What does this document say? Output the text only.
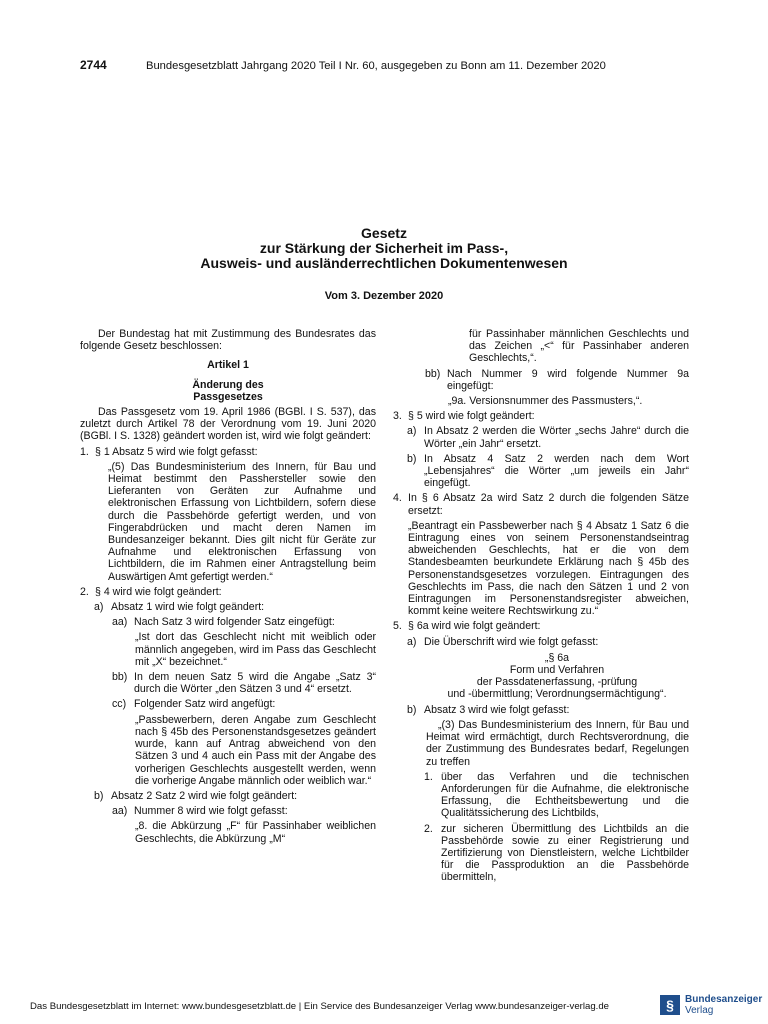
2744	Bundesgesetzblatt Jahrgang 2020 Teil I Nr. 60, ausgegeben zu Bonn am 11. Dezember 2020
Gesetz
zur Stärkung der Sicherheit im Pass-,
Ausweis- und ausländerrechtlichen Dokumentenwesen
Vom 3. Dezember 2020

Der Bundestag hat mit Zustimmung des Bundesrates das folgende Gesetz beschlossen:

Artikel 1

Änderung des

Passgesetzes

Das Passgesetz vom 19. April 1986 (BGBl. I S. 537), das zuletzt durch Artikel 78 der Verordnung vom 19. Juni 2020 (BGBl. I S. 1328) geändert worden ist, wird wie folgt geändert:

1. § 1 Absatz 5 wird wie folgt gefasst:

„(5) Das Bundesministerium des Innern, für Bau und Heimat bestimmt den Passhersteller sowie den Lieferanten von Geräten zur Aufnahme und elektronischen Erfassung von Lichtbildern, sofern diese durch die Passbehörde gefertigt werden, und von Fingerabdrücken und macht deren Namen im Bundesanzeiger bekannt. Dies gilt nicht für Geräte zur Aufnahme und elektronischen Erfassung von Lichtbildern, die im Rahmen einer Antragstellung beim Auswärtigen Amt gefertigt werden.“

2. § 4 wird wie folgt geändert:
a) Absatz 1 wird wie folgt geändert:
aa) Nach Satz 3 wird folgender Satz eingefügt:

„Ist dort das Geschlecht nicht mit weiblich oder männlich angegeben, wird im Pass das Geschlecht mit „X“ bezeichnet.“

bb) In dem neuen Satz 5 wird die Angabe „Satz 3“ durch die Wörter „den Sätzen 3 und 4“ ersetzt.
cc) Folgender Satz wird angefügt:

„Passbewerbern, deren Angabe zum Geschlecht nach § 45b des Personenstandsgesetzes geändert wurde, kann auf Antrag abweichend von den Sätzen 3 und 4 auch ein Pass mit der Angabe des vorherigen Geschlechts ausgestellt werden, wenn die vorherige Angabe männlich oder weiblich war.“

b) Absatz 2 Satz 2 wird wie folgt geändert:
aa) Nummer 8 wird wie folgt gefasst:

„8. die Abkürzung „F“ für Passinhaber weiblichen Geschlechts, die Abkürzung „M“

für Passinhaber männlichen Geschlechts und das Zeichen „<“ für Passinhaber anderen Geschlechts,“.

bb) Nach Nummer 9 wird folgende Nummer 9a eingefügt:

„9a. Versionsnummer des Passmusters,“.

3. § 5 wird wie folgt geändert:
a) In Absatz 2 werden die Wörter „sechs Jahre“ durch die Wörter „ein Jahr“ ersetzt.
b) In Absatz 4 Satz 2 werden nach dem Wort „Lebensjahres“ die Wörter „um jeweils ein Jahr“ eingefügt.
4. In § 6 Absatz 2a wird Satz 2 durch die folgenden Sätze ersetzt:

„Beantragt ein Passbewerber nach § 4 Absatz 1 Satz 6 die Eintragung eines von seinem Personenstandseintrag abweichenden Geschlechts, hat er die von dem Standesbeamten beurkundete Erklärung nach § 45b des Personenstandsgesetzes vorzulegen. Eintragungen des Geschlechts im Pass, die nach den Sätzen 1 und 2 von Eintragungen im Personenstandsregister abweichen, kommt keine weitere Rechtswirkung zu.“

5. § 6a wird wie folgt geändert:
a) Die Überschrift wird wie folgt gefasst:
„§ 6a
Form und Verfahren
der Passdatenerfassung, -prüfung
und -übermittlung; Verordnungsermächtigung“.
b) Absatz 3 wird wie folgt gefasst:

„(3) Das Bundesministerium des Innern, für Bau und Heimat wird ermächtigt, durch Rechtsverordnung, die der Zustimmung des Bundesrates bedarf, Regelungen zu treffen

1. über das Verfahren und die technischen Anforderungen für die Aufnahme, die elektronische Erfassung, die Echtheitsbewertung und die Qualitätssicherung des Lichtbilds,
2. zur sicheren Übermittlung des Lichtbilds an die Passbehörde sowie zu einer Registrierung und Zertifizierung von Dienstleistern, welche Lichtbilder für die Passproduktion an die Passbehörde übermitteln,
Das Bundesgesetzblatt im Internet: www.bundesgesetzblatt.de | Ein Service des Bundesanzeiger Verlag www.bundesanzeiger-verlag.de	§	Bundesanzeiger
Verlag
